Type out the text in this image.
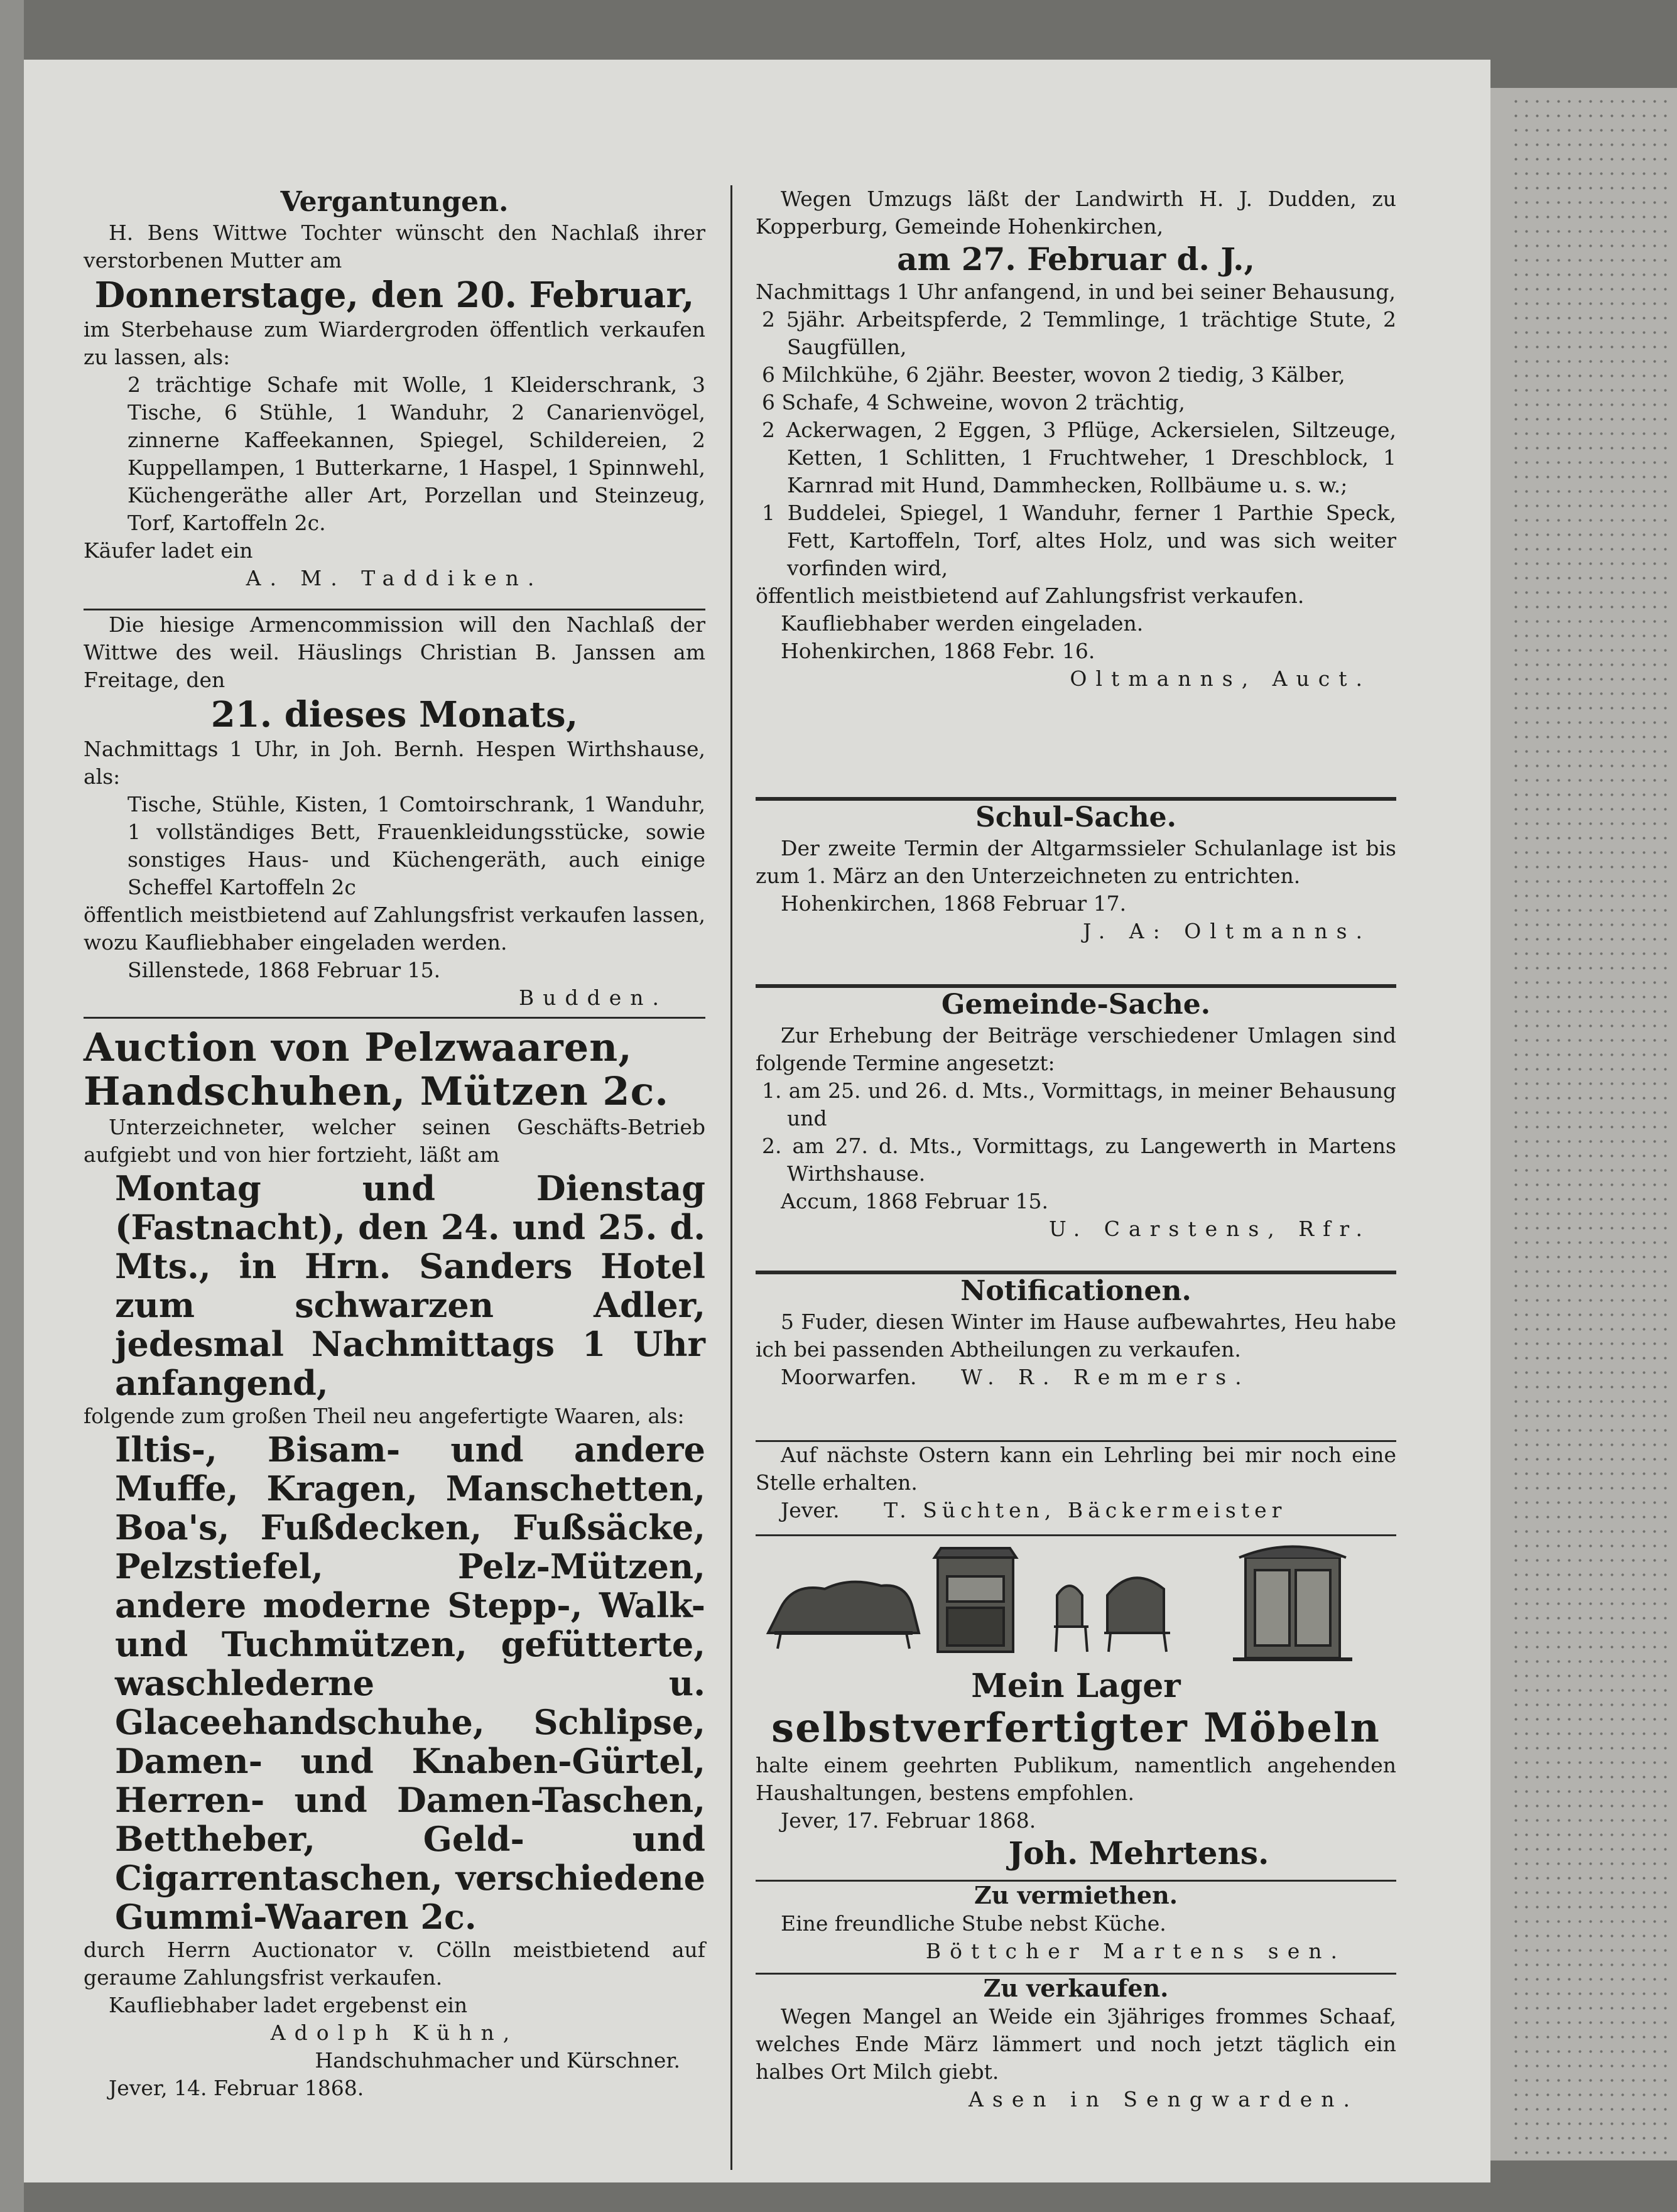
Vergantungen.

H. Bens Wittwe Tochter wünscht den Nachlaß ihrer verstorbenen Mutter am

Donnerstage, den 20. Februar,

im Sterbehause zum Wiardergroden öffentlich verkaufen zu lassen, als:

2 trächtige Schafe mit Wolle, 1 Kleiderschrank, 3 Tische, 6 Stühle, 1 Wanduhr, 2 Canarienvögel, zinnerne Kaffeekannen, Spiegel, Schildereien, 2 Kuppellampen, 1 Butterkarne, 1 Haspel, 1 Spinnwehl, Küchengeräthe aller Art, Porzellan und Steinzeug, Torf, Kartoffeln 2c.

Käufer ladet ein

A. M. Taddiken.

Die hiesige Armencommission will den Nachlaß der Wittwe des weil. Häuslings Christian B. Janssen am Freitage, den

21. dieses Monats,

Nachmittags 1 Uhr, in Joh. Bernh. Hespen Wirthshause, als:

Tische, Stühle, Kisten, 1 Comtoirschrank, 1 Wanduhr, 1 vollständiges Bett, Frauenkleidungsstücke, sowie sonstiges Haus- und Küchengeräth, auch einige Scheffel Kartoffeln 2c

öffentlich meistbietend auf Zahlungsfrist verkaufen lassen, wozu Kaufliebhaber eingeladen werden.

Sillenstede, 1868 Februar 15.

Budden.

Auction von Pelzwaaren,

Handschuhen, Mützen 2c.

Unterzeichneter, welcher seinen Geschäfts-Betrieb aufgiebt und von hier fortzieht, läßt am

Montag und Dienstag (Fastnacht), den 24. und 25. d. Mts., in Hrn. Sanders Hotel zum schwarzen Adler, jedesmal Nachmittags 1 Uhr anfangend,

folgende zum großen Theil neu angefertigte Waaren, als:

Iltis-, Bisam- und andere Muffe, Kragen, Manschetten, Boa's, Fußdecken, Fußsäcke, Pelzstiefel, Pelz-Mützen, andere moderne Stepp-, Walk- und Tuchmützen, gefütterte, waschlederne u. Glaceehandschuhe, Schlipse, Damen- und Knaben-Gürtel, Herren- und Damen-Taschen, Bettheber, Geld- und Cigarrentaschen, verschiedene Gummi-Waaren 2c.

durch Herrn Auctionator v. Cölln meistbietend auf geraume Zahlungsfrist verkaufen.

Kaufliebhaber ladet ergebenst ein

Adolph Kühn,

Handschuhmacher und Kürschner.

Jever, 14. Februar 1868.

Wegen Umzugs läßt der Landwirth H. J. Dudden, zu Kopperburg, Gemeinde Hohenkirchen,

am 27. Februar d. J.,

Nachmittags 1 Uhr anfangend, in und bei seiner Behausung,

2 5jähr. Arbeitspferde, 2 Temmlinge, 1 trächtige Stute, 2 Saugfüllen,

6 Milchkühe, 6 2jähr. Beester, wovon 2 tiedig, 3 Kälber,

6 Schafe, 4 Schweine, wovon 2 trächtig,

2 Ackerwagen, 2 Eggen, 3 Pflüge, Ackersielen, Siltzeuge, Ketten, 1 Schlitten, 1 Fruchtweher, 1 Dreschblock, 1 Karnrad mit Hund, Dammhecken, Rollbäume u. s. w.;

1 Buddelei, Spiegel, 1 Wanduhr, ferner 1 Parthie Speck, Fett, Kartoffeln, Torf, altes Holz, und was sich weiter vorfinden wird,

öffentlich meistbietend auf Zahlungsfrist verkaufen.

Kaufliebhaber werden eingeladen.

Hohenkirchen, 1868 Febr. 16.

Oltmanns, Auct.

Schul-Sache.

Der zweite Termin der Altgarmssieler Schulanlage ist bis zum 1. März an den Unterzeichneten zu entrichten.

Hohenkirchen, 1868 Februar 17.

J. A: Oltmanns.

Gemeinde-Sache.

Zur Erhebung der Beiträge verschiedener Umlagen sind folgende Termine angesetzt:

1. am 25. und 26. d. Mts., Vormittags, in meiner Behausung und

2. am 27. d. Mts., Vormittags, zu Langewerth in Martens Wirthshause.

Accum, 1868 Februar 15.

U. Carstens, Rfr.

Notificationen.

5 Fuder, diesen Winter im Hause aufbewahrtes, Heu habe ich bei passenden Abtheilungen zu verkaufen.

Moorwarfen. W. R. Remmers.

Auf nächste Ostern kann ein Lehrling bei mir noch eine Stelle erhalten.

Jever. T. Süchten, Bäckermeister

Mein Lager

selbstverfertigter Möbeln

halte einem geehrten Publikum, namentlich angehenden Haushaltungen, bestens empfohlen.

Jever, 17. Februar 1868.

Joh. Mehrtens.

Zu vermiethen.

Eine freundliche Stube nebst Küche.

Böttcher Martens sen.

Zu verkaufen.

Wegen Mangel an Weide ein 3jähriges frommes Schaaf, welches Ende März lämmert und noch jetzt täglich ein halbes Ort Milch giebt.

Asen in Sengwarden.
